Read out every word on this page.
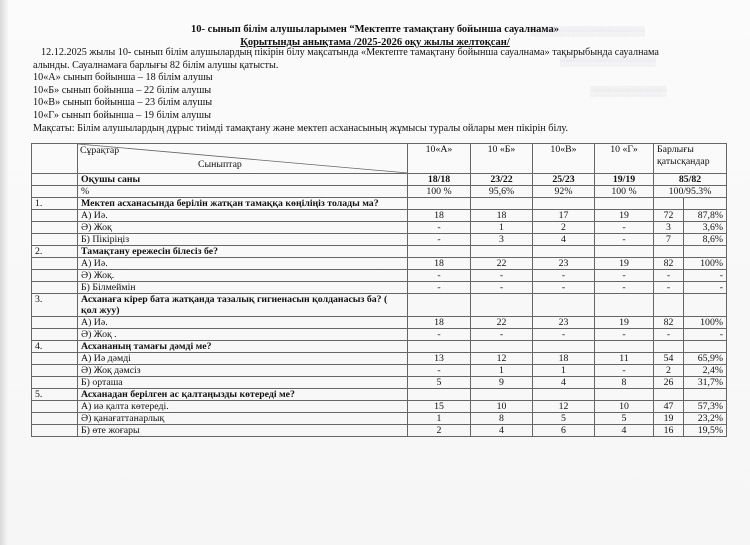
▒▒▒▒▒▒▒▒▒▒▒▒▒▒▒▒▒▒
▒▒▒▒▒▒▒▒▒▒▒▒▒▒▒
▒▒▒▒▒▒▒▒▒▒▒▒
10- сынып білім алушыларымен “Мектепте тамақтану бойынша сауалнама»
Қорытынды анықтама /2025-2026 оқу жылы желтоқсан/
12.12.2025 жылы 10- сынып білім алушылардың пікірін білу мақсатында «Мектепте тамақтану бойынша сауалнама» тақырыбында сауалнама
алынды. Сауалнамаға барлығы 82 білім алушы қатысты.
10«А» сынып бойынша – 18 білім алушы
10«Б» сынып бойынша – 22 білім алушы
10«В» сынып бойынша – 23 білім алушы
10«Г» сынып бойынша – 19 білім алушы
Мақсаты: Білім алушылардың дұрыс тиімді тамақтану және мектеп асханасының жұмысы туралы ойлары мен пікірін білу.

	Сұрақтар
Сыныптар	10«А»	10 «Б»	10«В»	10 «Г»	Барлығы қатысқандар	
	Оқушы саны	18/18	23/22	25/23	19/19	85/82	
	%	100 %	95,6%	92%	100 %	100/95.3%	
1.	Мектеп асханасында берілін жатқан тамаққа көңіліңіз толады ма?						
	А) Иә.	18	18	17	19	72	87,8%
	Ә) Жоқ	-	1	2	-	3	3,6%
	Б) Пікіріңіз	-	3	4	-	7	8,6%
2.	Тамақтану ережесін білесіз бе?						
	А) Иә.	18	22	23	19	82	100%
	Ә) Жоқ.	-	-	-	-	-	-
	Б) Білмеймін	-	-	-	-	-	-
3.	Асханаға кірер бата жатқанда тазалық гигиенасын қолданасыз ба? ( қол жуу)						
	А) Иә.	18	22	23	19	82	100%
	Ә) Жоқ .	-	-	-	-	-	-
4.	Асхананың тамағы дәмді ме?						
	А) Иә дәмді	13	12	18	11	54	65,9%
	Ә) Жоқ дәмсіз	-	1	1	-	2	2,4%
	Б) орташа	5	9	4	8	26	31,7%
5.	Асханадан берілген ас қалтаңызды көтереді ме?						
	А) иә қалта көтереді.	15	10	12	10	47	57,3%
	Ә) қанағаттанарлық	1	8	5	5	19	23,2%
	Б) өте жоғары	2	4	6	4	16	19,5%
